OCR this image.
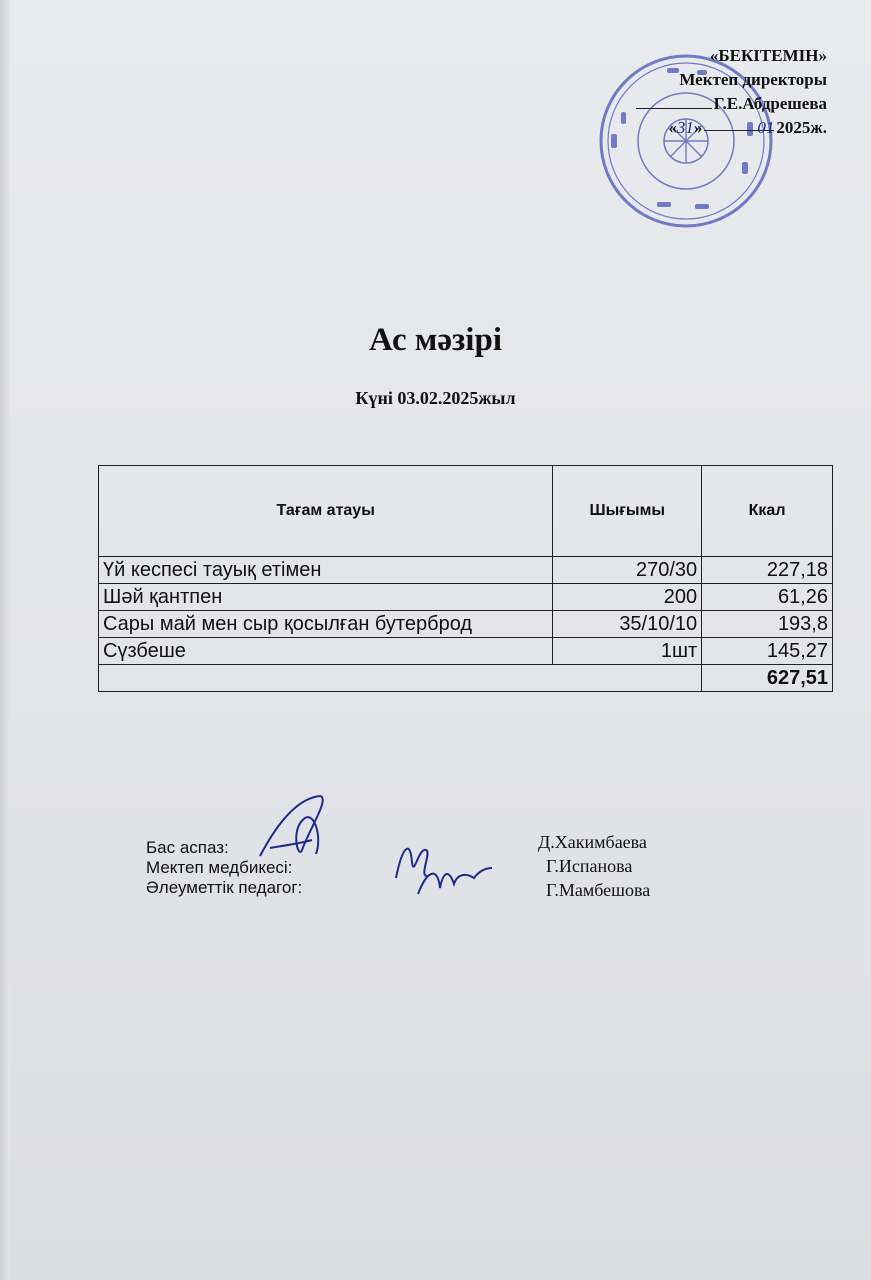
«БЕКІТЕМІН»
Мектеп директоры
Г.Е.Абдрешева
«31»	01 2025ж.
Ас мәзірі
Күні 03.02.2025жыл
Тағам атауы	Шығымы	Ккал
Үй кеспесі тауық етімен	270/30	227,18
Шәй қантпен	200	61,26
Сары май мен сыр қосылған бутерброд	35/10/10	193,8
Сүзбеше	1шт	145,27
		627,51
Бас аспаз:
Мектеп медбикесі:
Әлеуметтік педагог:
Д.Хакимбаева
Г.Испанова
Г.Мамбешова
